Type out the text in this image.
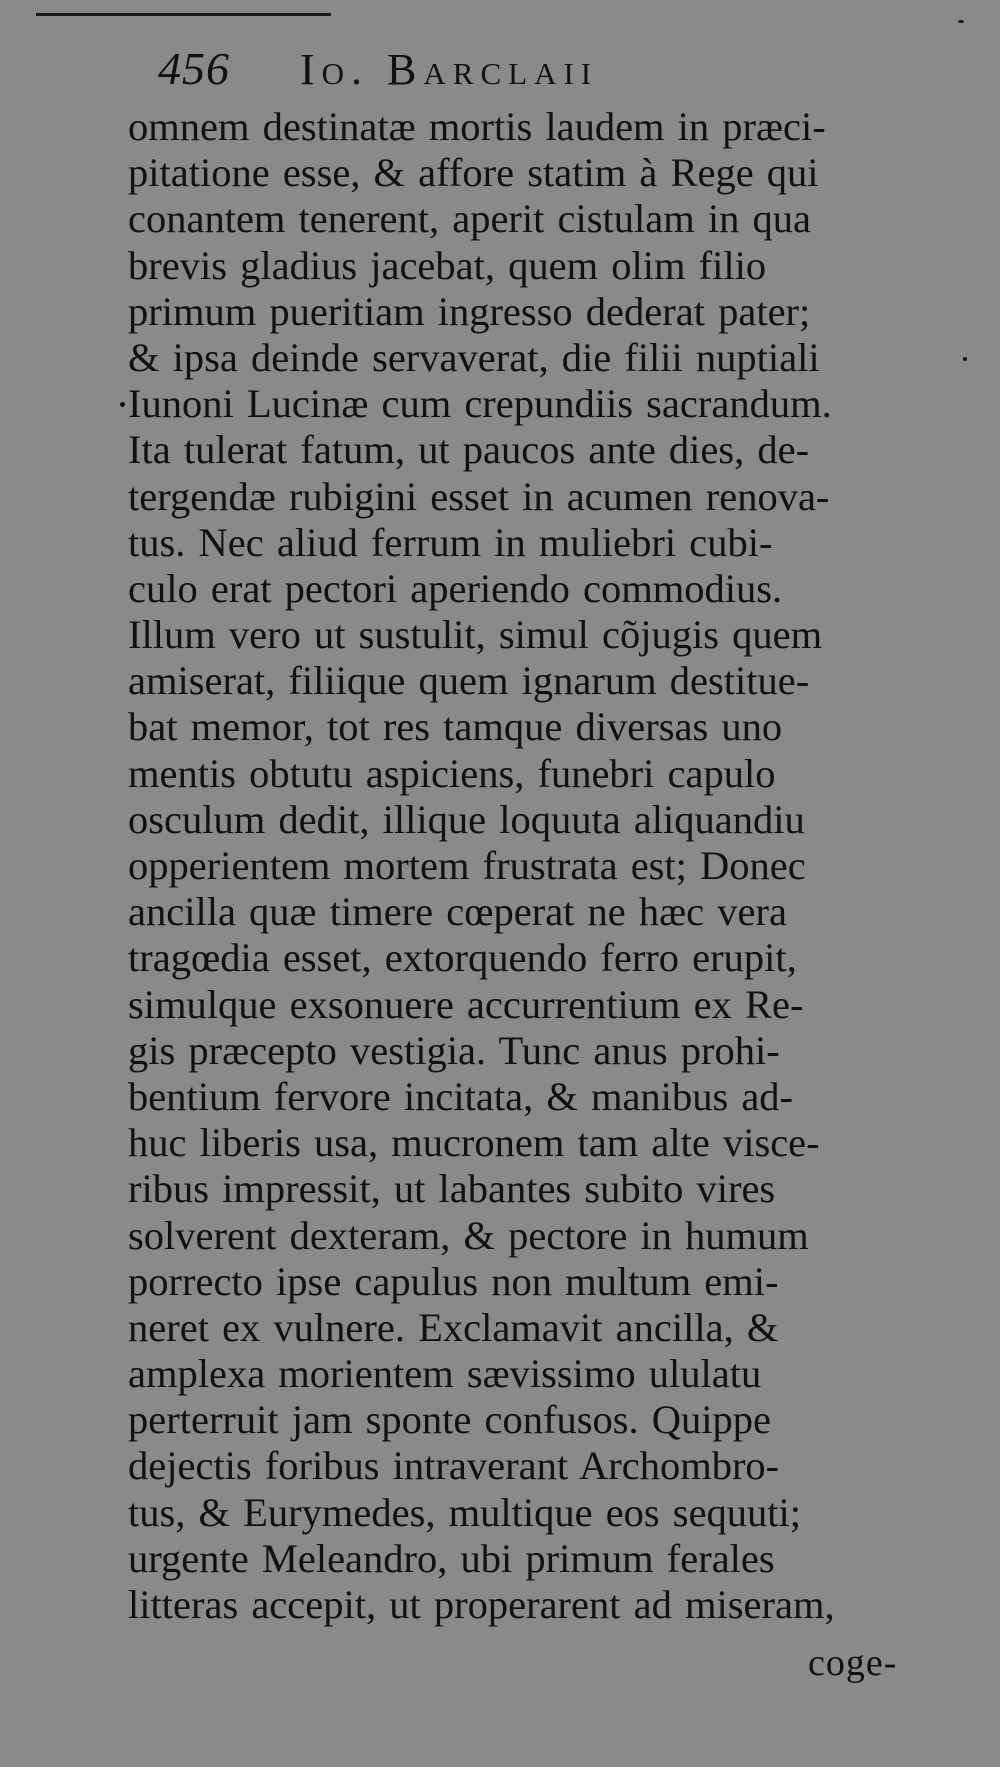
456 Io. Barclaii
omnem destinatæ mortis laudem in præci-
pitatione esse, & affore statim à Rege qui
conantem tenerent, aperit cistulam in qua
brevis gladius jacebat, quem olim filio
primum pueritiam ingresso dederat pater;
& ipsa deinde servaverat, die filii nuptiali
Iunoni Lucinæ cum crepundiis sacrandum.
Ita tulerat fatum, ut paucos ante dies, de-
tergendæ rubigini esset in acumen renova-
tus. Nec aliud ferrum in muliebri cubi-
culo erat pectori aperiendo commodius.
Illum vero ut sustulit, simul cõjugis quem
amiserat, filiique quem ignarum destitue-
bat memor, tot res tamque diversas uno
mentis obtutu aspiciens, funebri capulo
osculum dedit, illique loquuta aliquandiu
opperientem mortem frustrata est; Donec
ancilla quæ timere cœperat ne hæc vera
tragœdia esset, extorquendo ferro erupit,
simulque exsonuere accurrentium ex Re-
gis præcepto vestigia. Tunc anus prohi-
bentium fervore incitata, & manibus ad-
huc liberis usa, mucronem tam alte visce-
ribus impressit, ut labantes subito vires
solverent dexteram, & pectore in humum
porrecto ipse capulus non multum emi-
neret ex vulnere. Exclamavit ancilla, &
amplexa morientem sævissimo ululatu
perterruit jam sponte confusos. Quippe
dejectis foribus intraverant Archombro-
tus, & Eurymedes, multique eos sequuti;
urgente Meleandro, ubi primum ferales
litteras accepit, ut properarent ad miseram,
coge-
